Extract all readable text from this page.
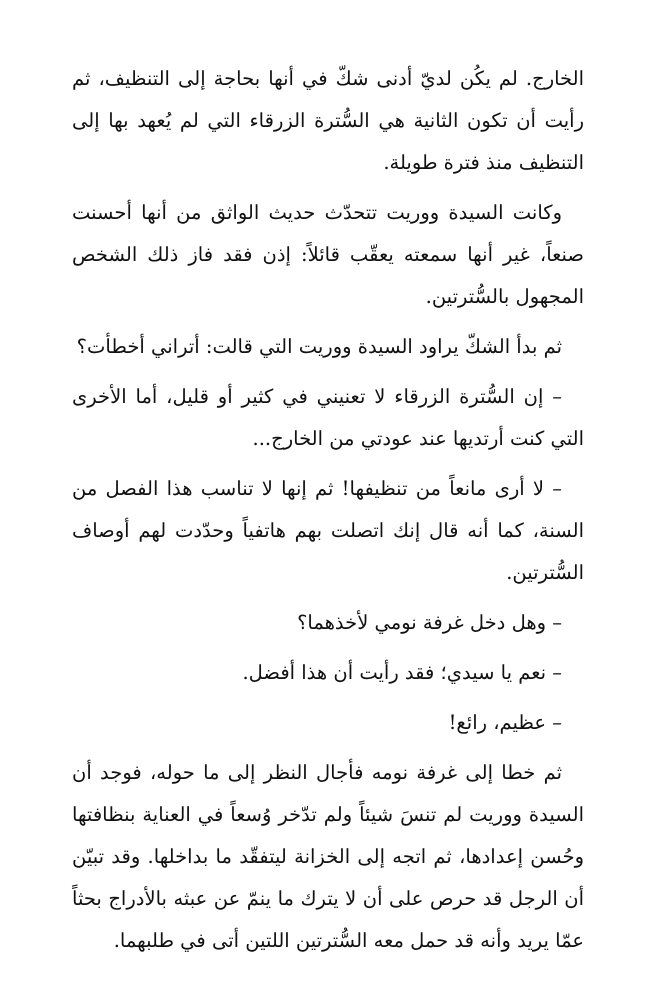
الخارج. لم يكُن لديّ أدنى شكّ في أنها بحاجة إلى التنظيف، ثم رأيت أن تكون الثانية هي السُّترة الزرقاء التي لم يُعهد بها إلى التنظيف منذ فترة طويلة.

وكانت السيدة ووريت تتحدّث حديث الواثق من أنها أحسنت صنعاً، غير أنها سمعته يعقّب قائلاً: إذن فقد فاز ذلك الشخص المجهول بالسُّترتين.

ثم بدأ الشكّ يراود السيدة ووريت التي قالت: أتراني أخطأت؟

– إن السُّترة الزرقاء لا تعنيني في كثير أو قليل، أما الأخرى التي كنت أرتديها عند عودتي من الخارج...

– لا أرى مانعاً من تنظيفها! ثم إنها لا تناسب هذا الفصل من السنة، كما أنه قال إنك اتصلت بهم هاتفياً وحدّدت لهم أوصاف السُّترتين.

– وهل دخل غرفة نومي لأخذهما؟

– نعم يا سيدي؛ فقد رأيت أن هذا أفضل.

– عظيم، رائع!

ثم خطا إلى غرفة نومه فأجال النظر إلى ما حوله، فوجد أن السيدة ووريت لم تنسَ شيئاً ولم تدّخر وُسعاً في العناية بنظافتها وحُسن إعدادها، ثم اتجه إلى الخزانة ليتفقّد ما بداخلها. وقد تبيّن أن الرجل قد حرص على أن لا يترك ما ينمّ عن عبثه بالأدراج بحثاً عمّا يريد وأنه قد حمل معه السُّترتين اللتين أتى في طلبهما.
